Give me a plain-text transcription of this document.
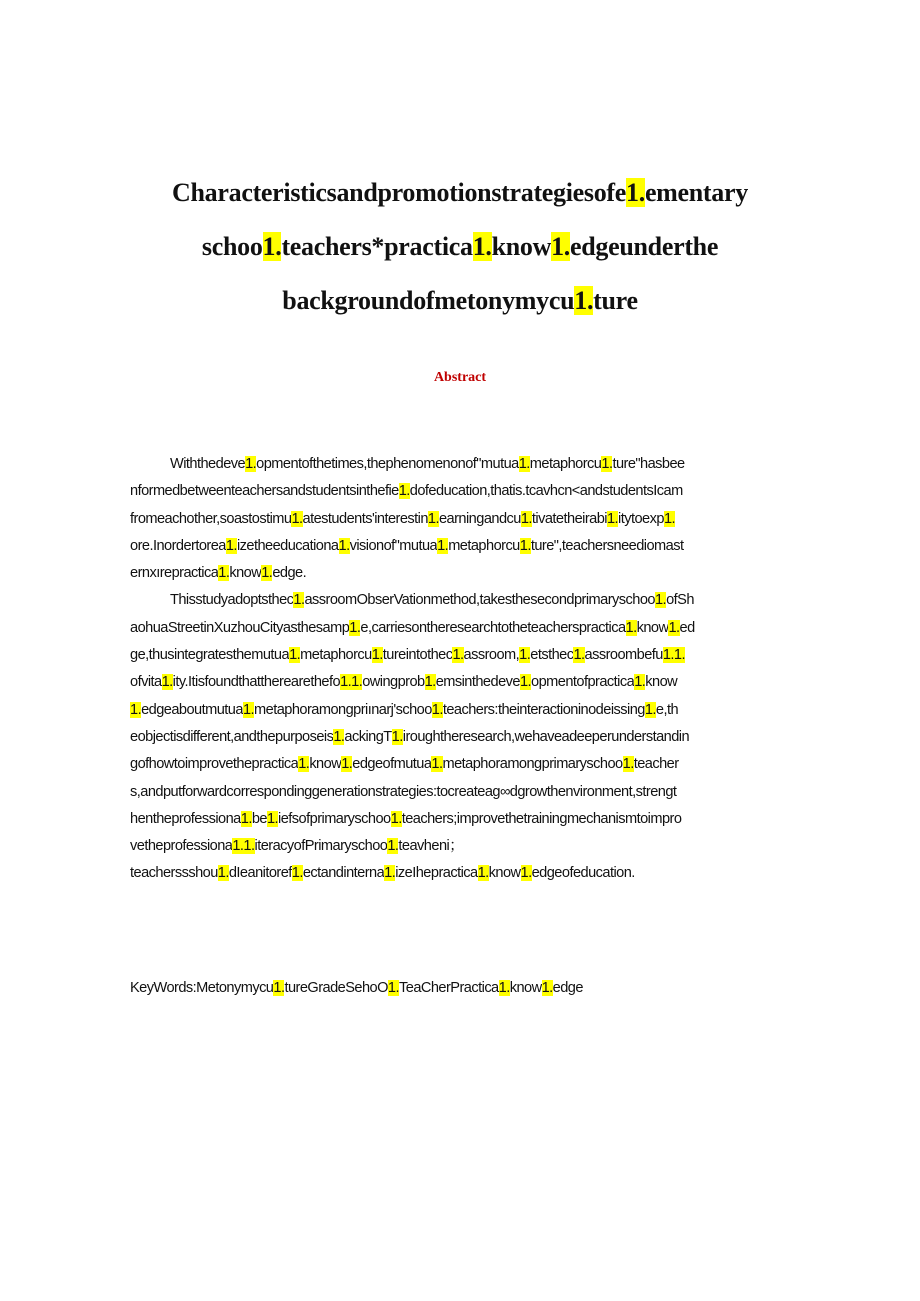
Characteristicsandpromotionstrategiesofe1.ementary
schoo1.teachers*practica1.know1.edgeunderthe
backgroundofmetonymycu1.ture
Abstract
Withthedeve1.opmentofthetimes,thephenomenonof"mutua1.metaphorcu1.ture"hasbee
nformedbetweenteachersandstudentsinthefie1.dofeducation,thatis.tcavhcn<andstudentsIcam
fromeachother,soastostimu1.atestudents'interestin1.earningandcu1.tivatetheirabi1.itytoexp1.
ore.Inordertorea1.izetheeducationa1.visionof"mutua1.metaphorcu1.ture",teachersneediomast
ernxırepractica1.know1.edge.
Thisstudyadoptsthec1.assroomObserVationmethod,takesthesecondprimaryschoo1.ofSh
aohuaStreetinXuzhouCityasthesamp1.e,carriesontheresearchtotheteacherspractica1.know1.ed
ge,thusintegratesthemutua1.metaphorcu1.tureintothec1.assroom,1.etsthec1.assroombefu1.1.
ofvita1.ity.Itisfoundthattherearethefo1.1.owingprob1.emsinthedeve1.opmentofpractica1.know
1.edgeaboutmutua1.metaphoramongpriınarj'schoo1.teachers:theinteractioninodeissing1.e,th
eobjectisdifferent,andthepurposeis1.ackingT1.iroughtheresearch,wehaveadeeperunderstandin
gofhowtoimprovethepractica1.know1.edgeofmutua1.metaphoramongprimaryschoo1.teacher
s,andputforwardcorrespondinggenerationstrategies:tocreateag∞dgrowthenvironment,strengt
hentheprofessiona1.be1.iefsofprimaryschoo1.teachers;improvethetrainingmechanismtoimpro
vetheprofessiona1.1.iteracyofPrimaryschoo1.teavheni；
teacherssshou1.dIeanitoref1.ectandinterna1.izeIhepractica1.know1.edgeofeducation.
KeyWords:Metonymycu1.tureGradeSehoO1.TeaCherPractica1.know1.edge
